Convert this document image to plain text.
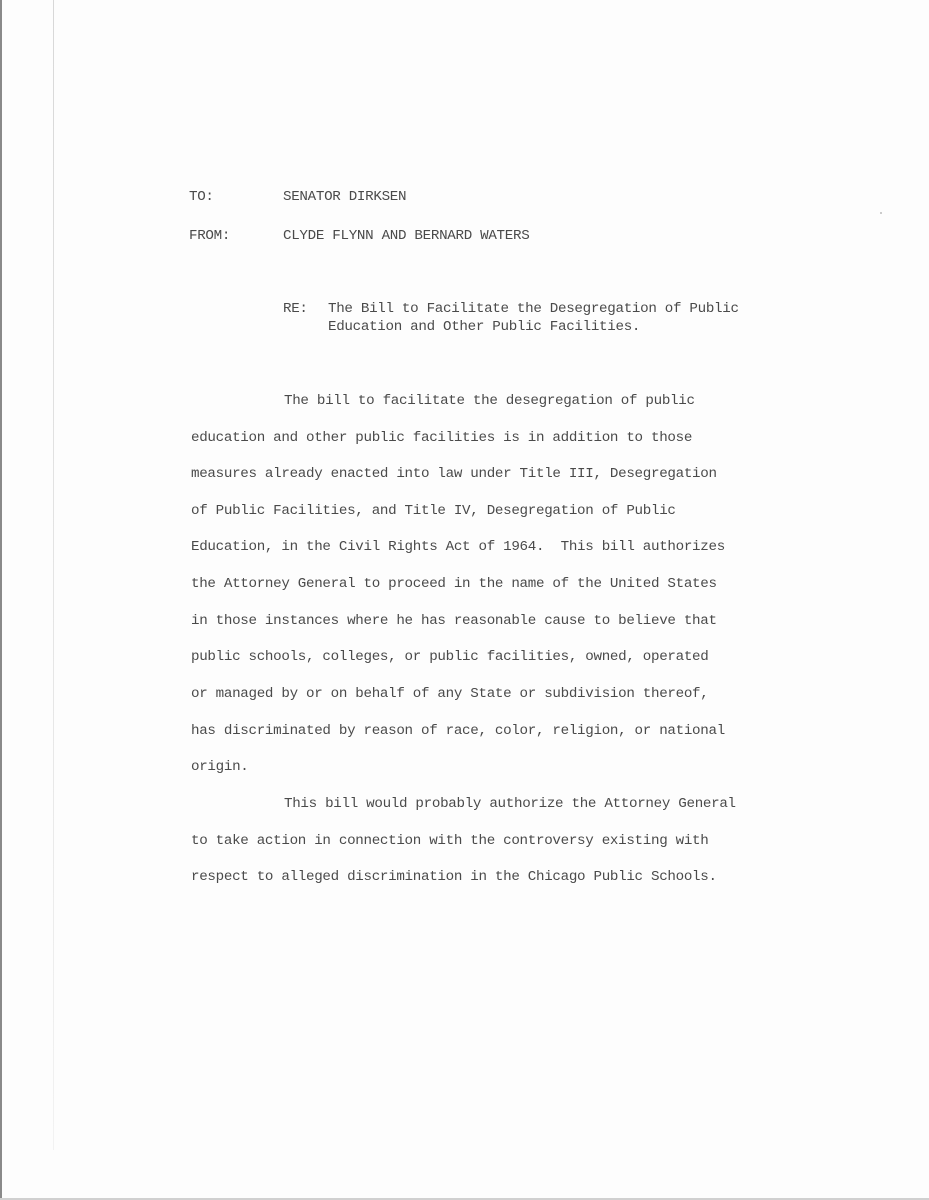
TO:	SENATOR DIRKSEN
FROM:	CLYDE FLYNN AND BERNARD WATERS
RE: The Bill to Facilitate the Desegregation of Public
Education and Other Public Facilities.
The bill to facilitate the desegregation of public
education and other public facilities is in addition to those
measures already enacted into law under Title III, Desegregation
of Public Facilities, and Title IV, Desegregation of Public
Education, in the Civil Rights Act of 1964.  This bill authorizes
the Attorney General to proceed in the name of the United States
in those instances where he has reasonable cause to believe that
public schools, colleges, or public facilities, owned, operated
or managed by or on behalf of any State or subdivision thereof,
has discriminated by reason of race, color, religion, or national
origin.
This bill would probably authorize the Attorney General
to take action in connection with the controversy existing with
respect to alleged discrimination in the Chicago Public Schools.
